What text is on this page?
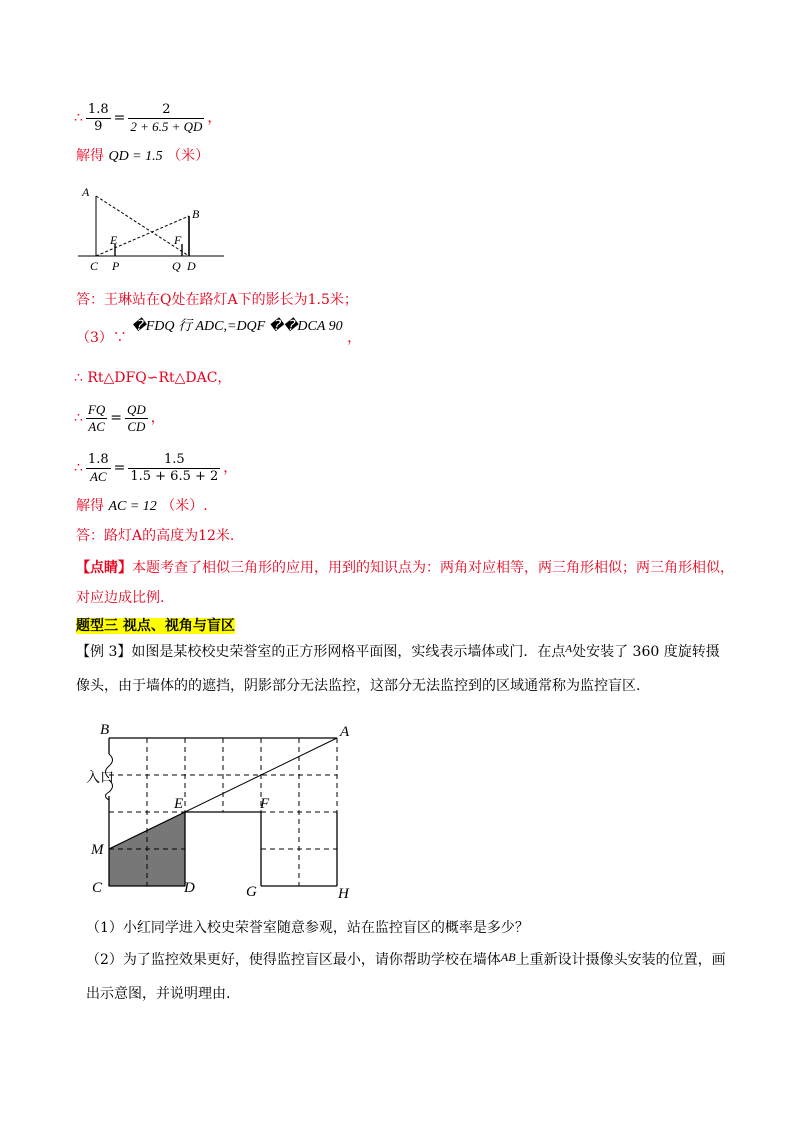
∴ $\frac{1.8}{9} = \frac{2}{2 + 6.5 + QD}$ ，
解得 QD = 1.5 （米）
A
B
E	F
C P	Q D
答：王琳站在Q处在路灯A下的影长为1.5米；
（3）∵ �FDQ 行 ADC,=DQF ��DCA 90 ，
∴ Rt△DFQ∽Rt△DAC，
∴ $\frac{FQ}{AC} = \frac{QD}{CD}$ ，
∴ $\frac{1.8}{AC} = \frac{1.5}{1.5 + 6.5 + 2}$ ，
解得 AC = 12 （米）.
答：路灯A的高度为12米.
【点睛】本题考查了相似三角形的应用，用到的知识点为：两角对应相等，两三角形相似；两三角形相似，
对应边成比例.
题型三 视点、视角与盲区
【例 3】如图是某校校史荣誉室的正方形网格平面图，实线表示墙体或门．在点$^A$处安装了 360 度旋转摄
像头，由于墙体的的遮挡，阴影部分无法监控，这部分无法监控到的区域通常称为监控盲区.
B	A
E	F
M
C	D	G	H
入口
（1）小红同学进入校史荣誉室随意参观，站在监控盲区的概率是多少？
（2）为了监控效果更好，使得监控盲区最小，请你帮助学校在墙体AB上重新设计摄像头安装的位置，画
出示意图，并说明理由.
